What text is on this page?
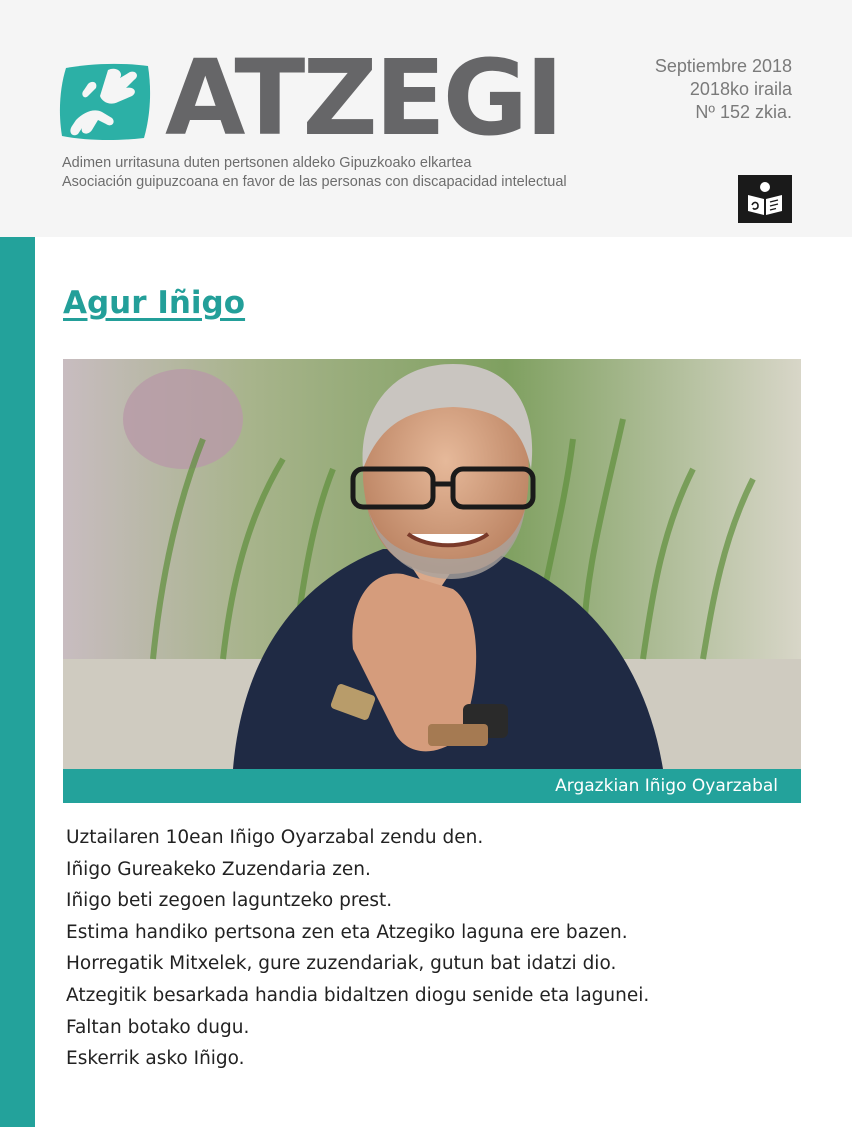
ATZEGI
Adimen urritasuna duten pertsonen aldeko Gipuzkoako elkartea
Asociación guipuzcoana en favor de las personas con discapacidad intelectual
Septiembre 2018
2018ko iraila
Nº 152 zkia.
Agur Iñigo
Argazkian Iñigo Oyarzabal
Uztailaren 10ean Iñigo Oyarzabal zendu den.
Iñigo Gureakeko Zuzendaria zen.
Iñigo beti zegoen laguntzeko prest.
Estima handiko pertsona zen eta Atzegiko laguna ere bazen.
Horregatik Mitxelek, gure zuzendariak, gutun bat idatzi dio.
Atzegitik besarkada handia bidaltzen diogu senide eta lagunei.
Faltan botako dugu.
Eskerrik asko Iñigo.
